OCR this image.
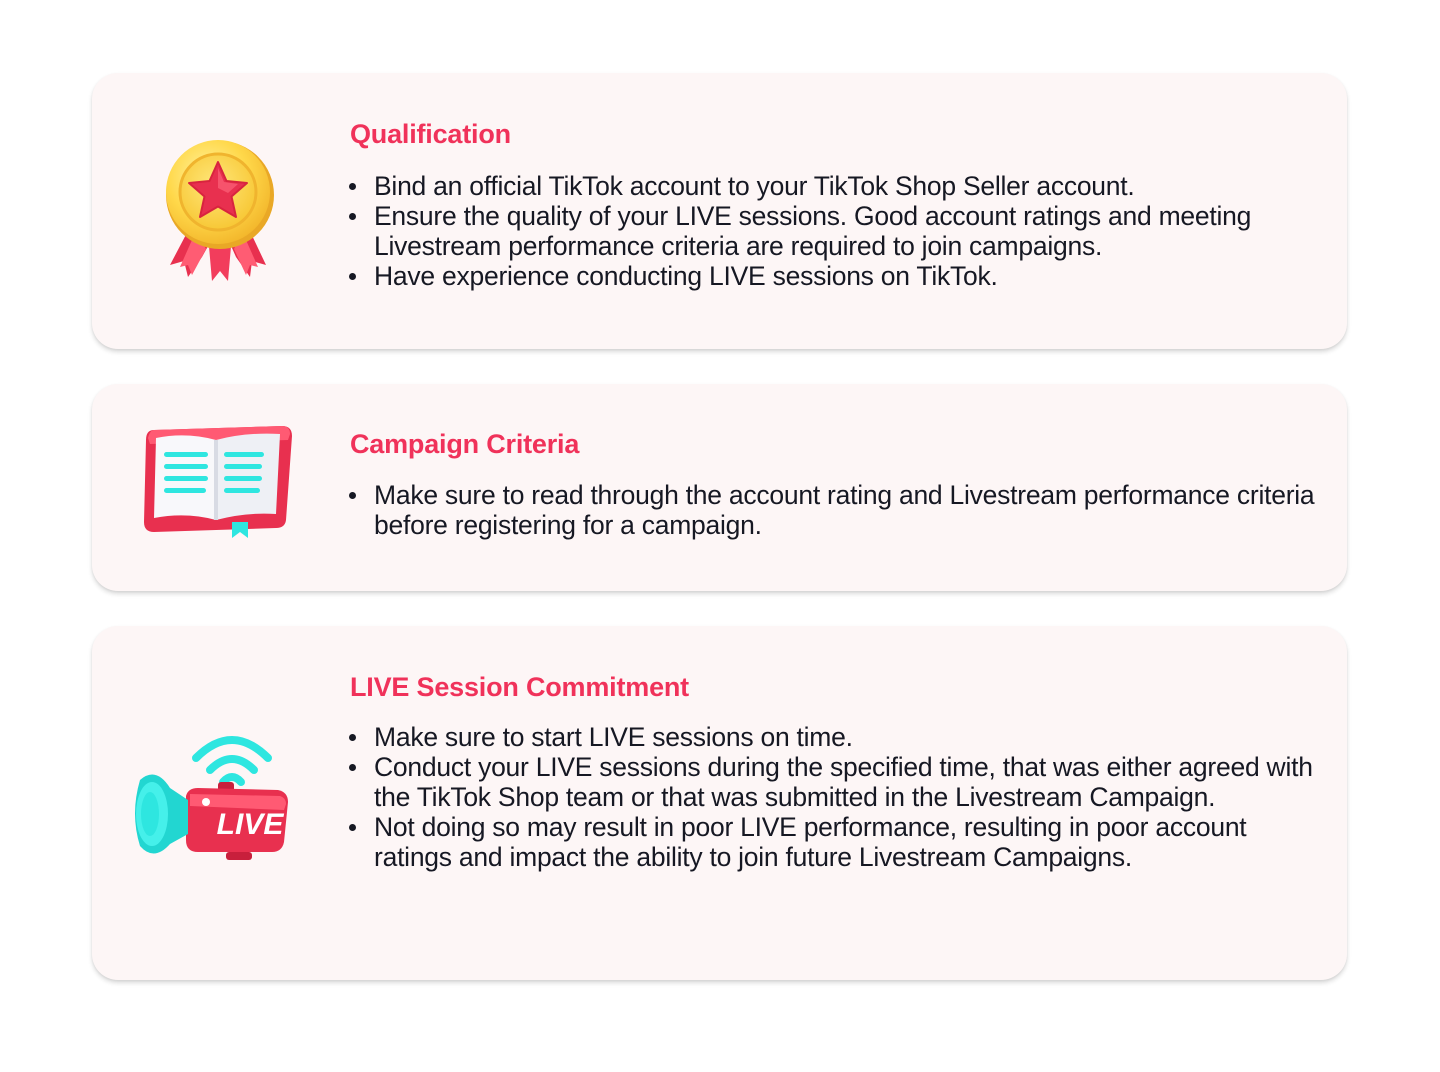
Qualification
Bind an official TikTok account to your TikTok Shop Seller account.
Ensure the quality of your LIVE sessions. Good account ratings and meeting Livestream performance criteria are required to join campaigns.
Have experience conducting LIVE sessions on TikTok.
Campaign Criteria
Make sure to read through the account rating and Livestream performance criteria before registering for a campaign.
LIVE
LIVE Session Commitment
Make sure to start LIVE sessions on time.
Conduct your LIVE sessions during the specified time, that was either agreed with the TikTok Shop team or that was submitted in the Livestream Campaign.
Not doing so may result in poor LIVE performance, resulting in poor account ratings and impact the ability to join future Livestream Campaigns.
